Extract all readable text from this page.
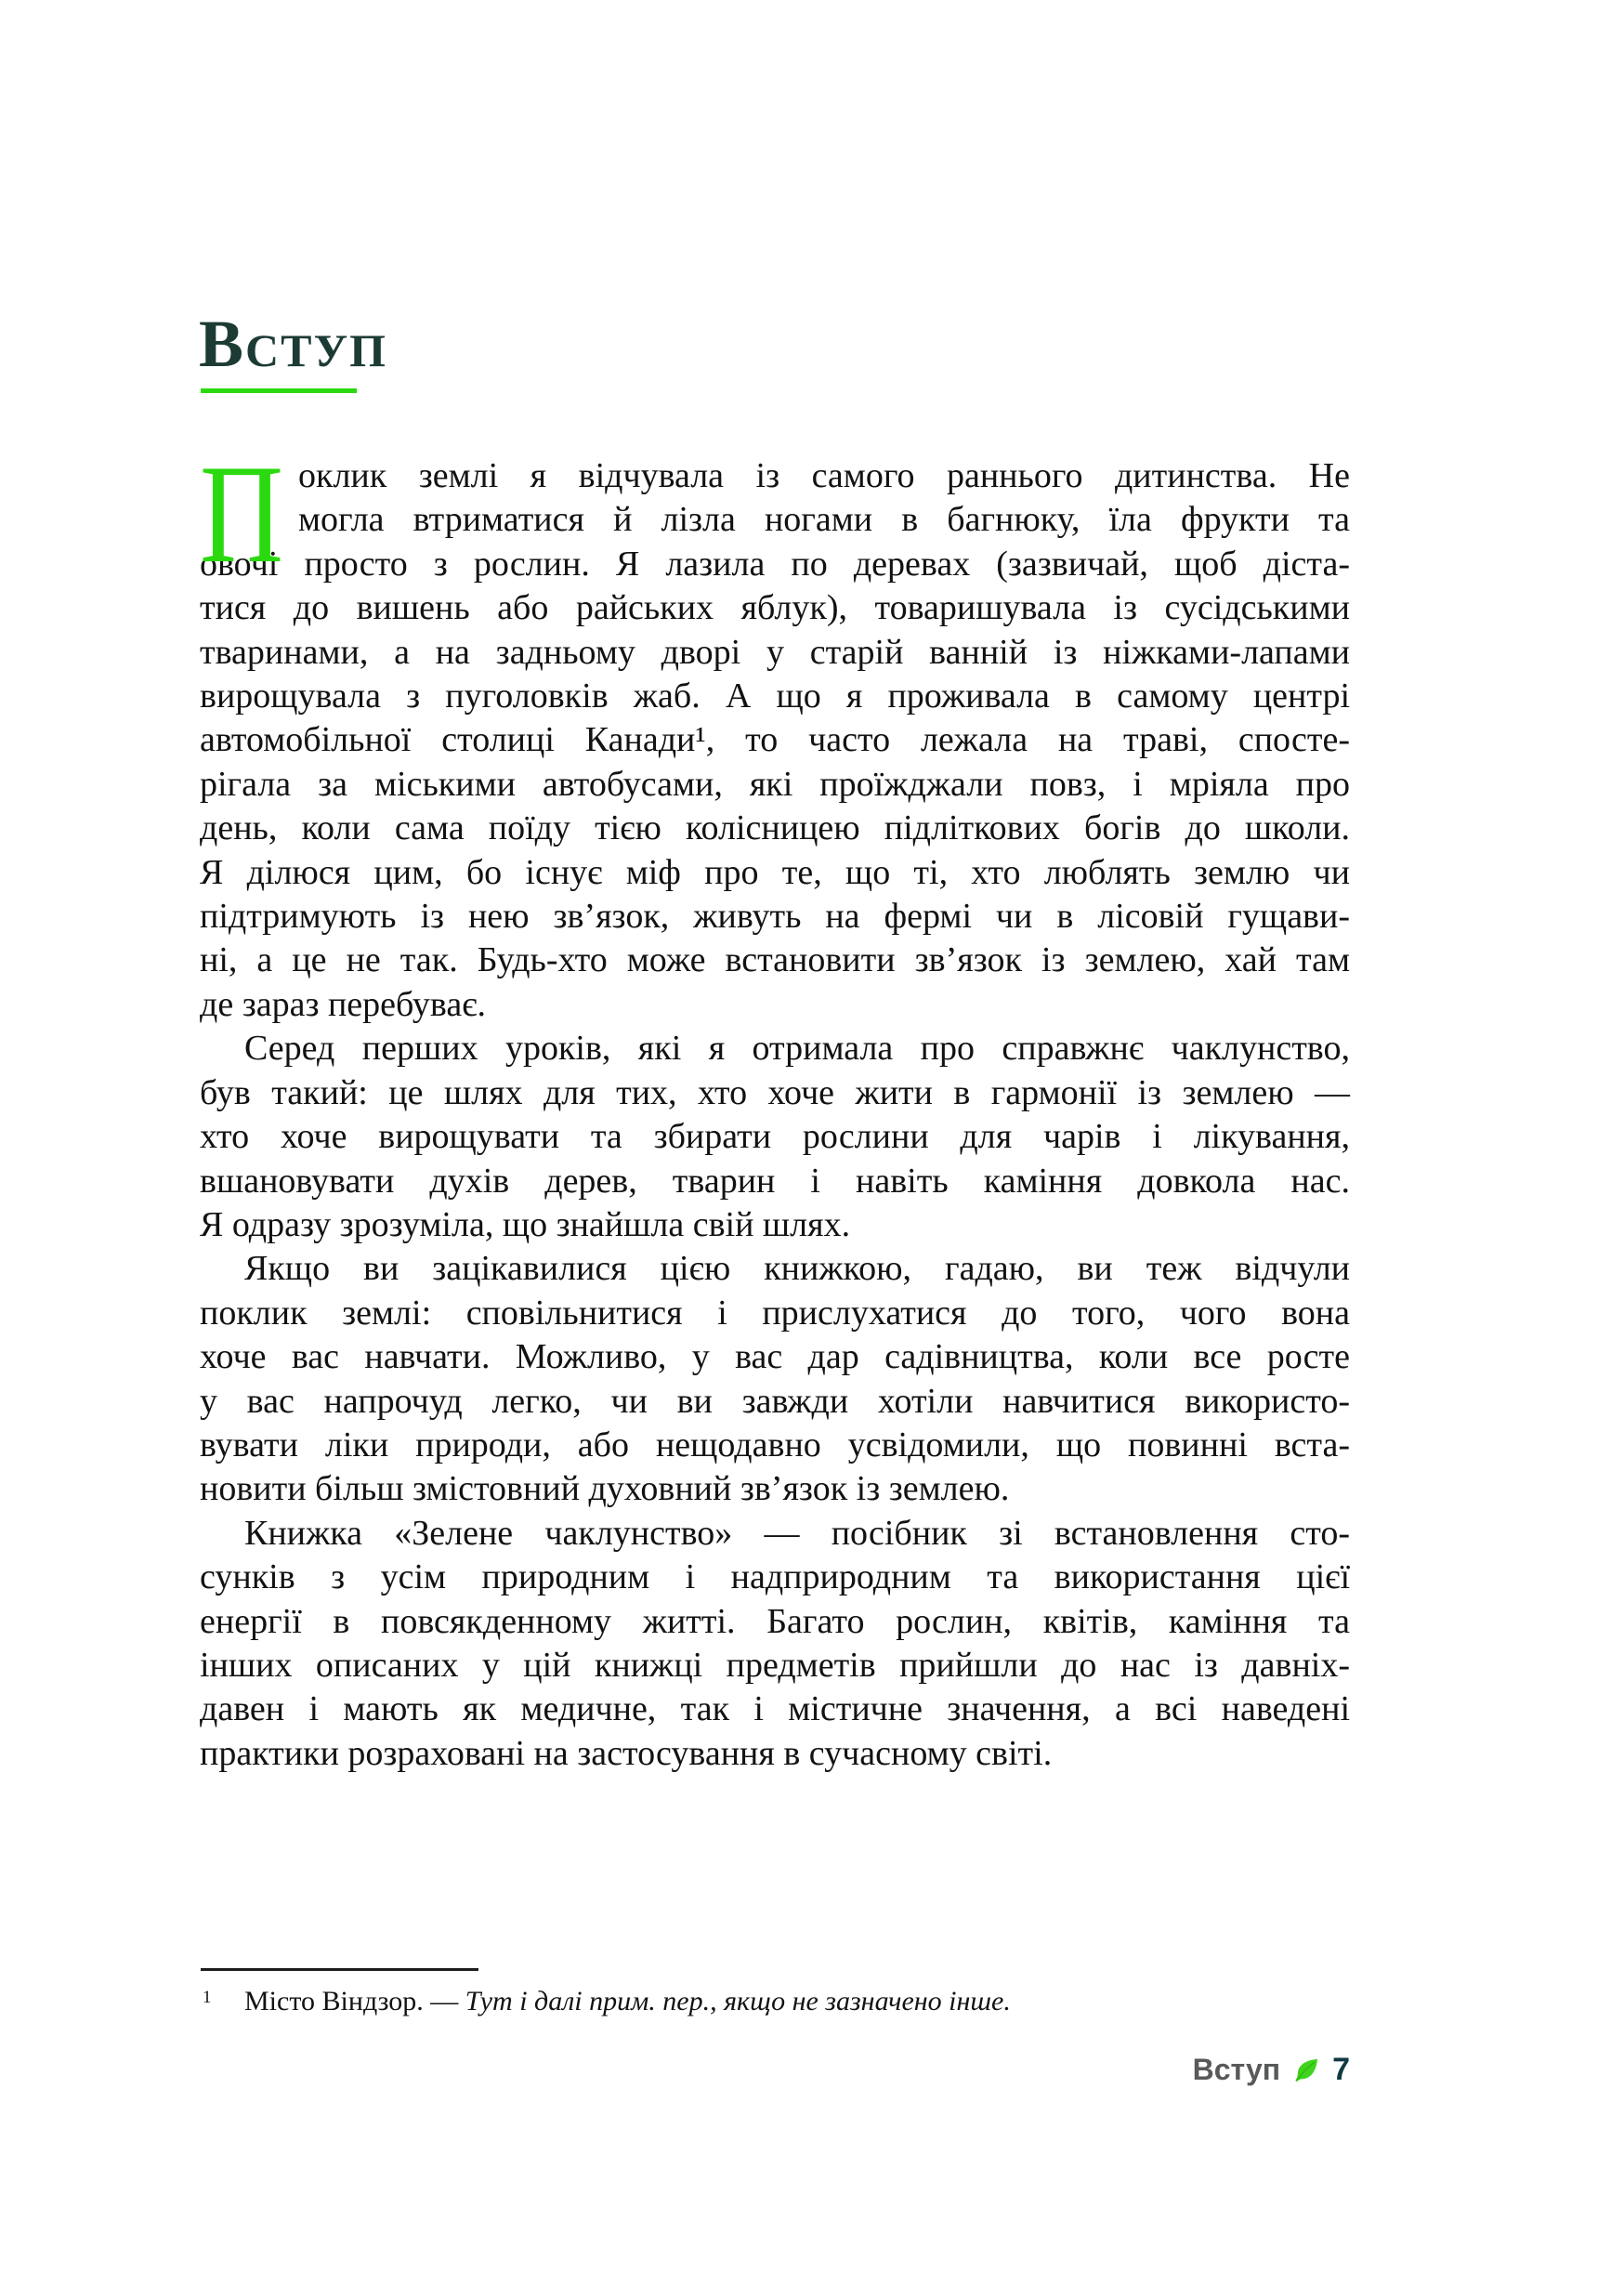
Вступ
П оклик землі я відчувала із самого раннього дитинства. Не
могла втриматися й лізла ногами в багнюку, їла фрукти та
овочі просто з рослин. Я лазила по деревах (зазвичай, щоб діста-
тися до вишень або райських яблук), товаришувала із сусідськими
тваринами, а на задньому дворі у старій ванній із ніжками-лапами
вирощувала з пуголовків жаб. А що я проживала в самому центрі
автомобільної столиці Канади¹, то часто лежала на траві, спосте-
рігала за міськими автобусами, які проїжджали повз, і мріяла про
день, коли сама поїду тією колісницею підліткових богів до школи.
Я ділюся цим, бо існує міф про те, що ті, хто люблять землю чи
підтримують із нею зв’язок, живуть на фермі чи в лісовій гущави-
ні, а це не так. Будь-хто може встановити зв’язок із землею, хай там
де зараз перебуває.
Серед перших уроків, які я отримала про справжнє чаклунство,
був такий: це шлях для тих, хто хоче жити в гармонії із землею —
хто хоче вирощувати та збирати рослини для чарів і лікування,
вшановувати духів дерев, тварин і навіть каміння довкола нас.
Я одразу зрозуміла, що знайшла свій шлях.
Якщо ви зацікавилися цією книжкою, гадаю, ви теж відчули
поклик землі: сповільнитися і прислухатися до того, чого вона
хоче вас навчати. Можливо, у вас дар садівництва, коли все росте
у вас напрочуд легко, чи ви завжди хотіли навчитися використо-
вувати ліки природи, або нещодавно усвідомили, що повинні вста-
новити більш змістовний духовний зв’язок із землею.
Книжка «Зелене чаклунство» — посібник зі встановлення сто-
сунків з усім природним і надприродним та використання цієї
енергії в повсякденному житті. Багато рослин, квітів, каміння та
інших описаних у цій книжці предметів прийшли до нас із давніх-
давен і мають як медичне, так і містичне значення, а всі наведені
практики розраховані на застосування в сучасному світі.
1 Місто Віндзор. — Тут і далі прим. пер., якщо не зазначено інше.
Вступ 7
